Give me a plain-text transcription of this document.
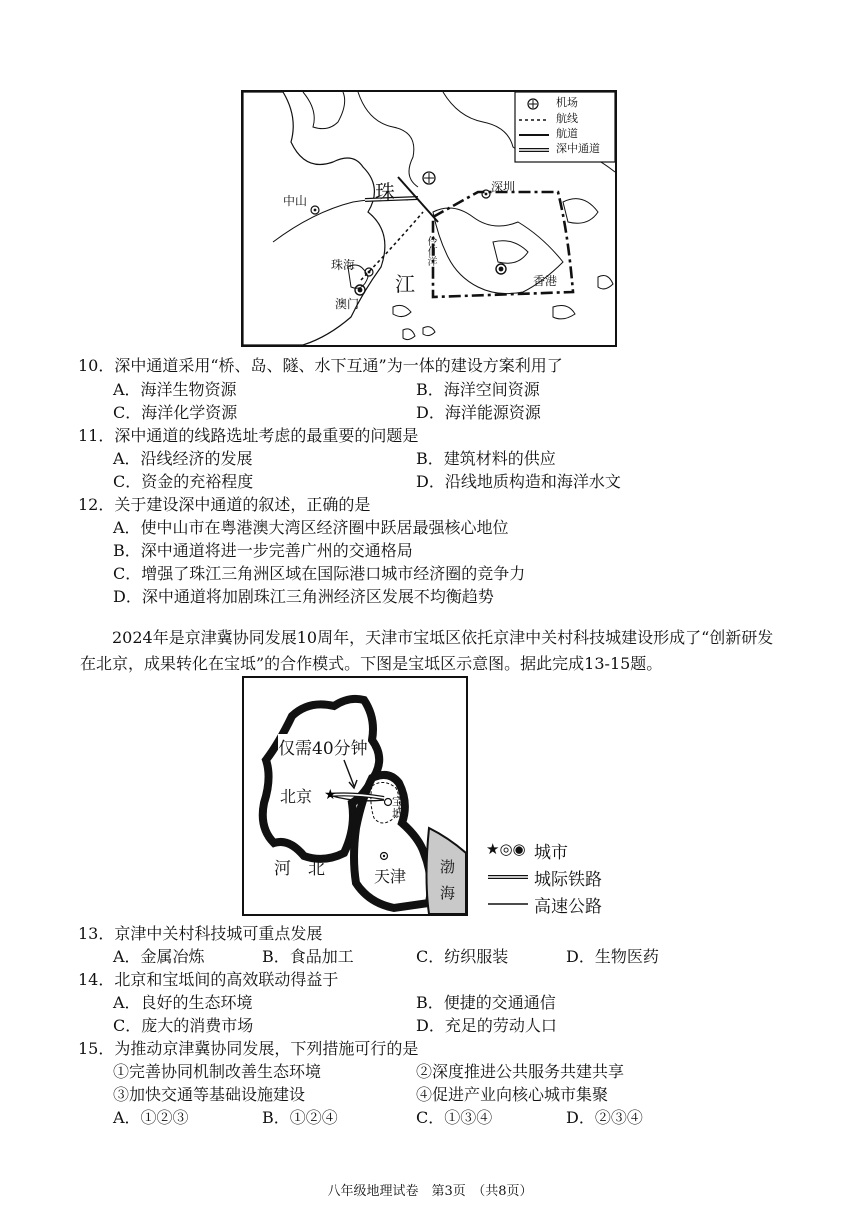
机场
航线
航道
深中通道
珠
江
中山
深圳
珠海
澳门
香港
伶仃洋
10．深中通道采用“桥、岛、隧、水下互通”为一体的建设方案利用了
A．海洋生物资源	B．海洋空间资源
C．海洋化学资源	D．海洋能源资源
11．深中通道的线路选址考虑的最重要的问题是
A．沿线经济的发展	B．建筑材料的供应
C．资金的充裕程度	D．沿线地质构造和海洋水文
12．关于建设深中通道的叙述，正确的是
A．使中山市在粤港澳大湾区经济圈中跃居最强核心地位
B．深中通道将进一步完善广州的交通格局
C．增强了珠江三角洲区域在国际港口城市经济圈的竞争力
D．深中通道将加剧珠江三角洲经济区发展不均衡趋势
2024年是京津冀协同发展10周年，天津市宝坻区依托京津中关村科技城建设形成了“创新研发在北京，成果转化在宝坻”的合作模式。下图是宝坻区示意图。据此完成13-15题。
★
仅需40分钟
北京	宝坻
河　北	天津 渤海
★◎◉ 城市
城际铁路
高速公路
13．京津中关村科技城可重点发展
A．金属冶炼	B．食品加工	C．纺织服装	D．生物医药
14．北京和宝坻间的高效联动得益于
A．良好的生态环境	B．便捷的交通通信
C．庞大的消费市场	D．充足的劳动人口
15．为推动京津冀协同发展，下列措施可行的是
①完善协同机制改善生态环境	②深度推进公共服务共建共享
③加快交通等基础设施建设	④促进产业向核心城市集聚
A．①②③	B．①②④	C．①③④	D．②③④
八年级地理试卷　第3页　（共8页）
